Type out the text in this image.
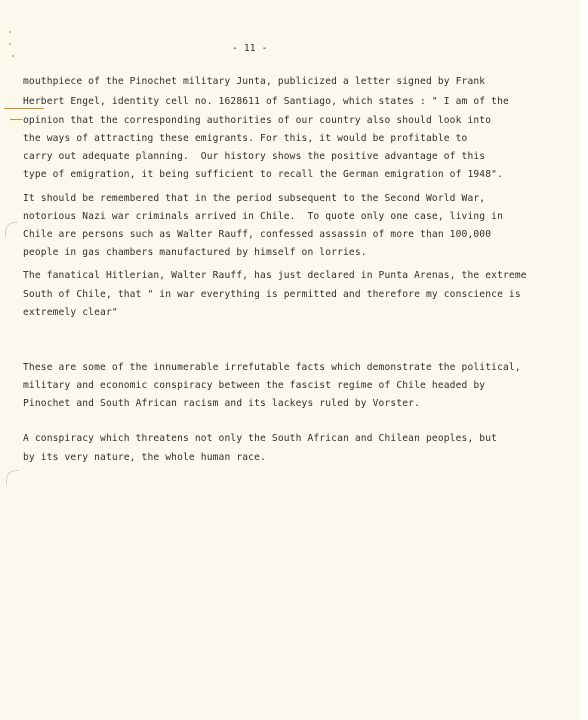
- 11 -
mouthpiece of the Pinochet military Junta, publicized a letter signed by Frank
Herbert Engel, identity cell no. 1628611 of Santiago, which states : " I am of the
opinion that the corresponding authorities of our country also should look into
the ways of attracting these emigrants. For this, it would be profitable to
carry out adequate planning.  Our history shows the positive advantage of this
type of emigration, it being sufficient to recall the German emigration of 1948".
It should be remembered that in the period subsequent to the Second World War,
notorious Nazi war criminals arrived in Chile.  To quote only one case, living in
Chile are persons such as Walter Rauff, confessed assassin of more than 100,000
people in gas chambers manufactured by himself on lorries.
The fanatical Hitlerian, Walter Rauff, has just declared in Punta Arenas, the extreme
South of Chile, that " in war everything is permitted and therefore my conscience is
extremely clear"
These are some of the innumerable irrefutable facts which demonstrate the political,
military and economic conspiracy between the fascist regime of Chile headed by
Pinochet and South African racism and its lackeys ruled by Vorster.
A conspiracy which threatens not only the South African and Chilean peoples, but
by its very nature, the whole human race.
